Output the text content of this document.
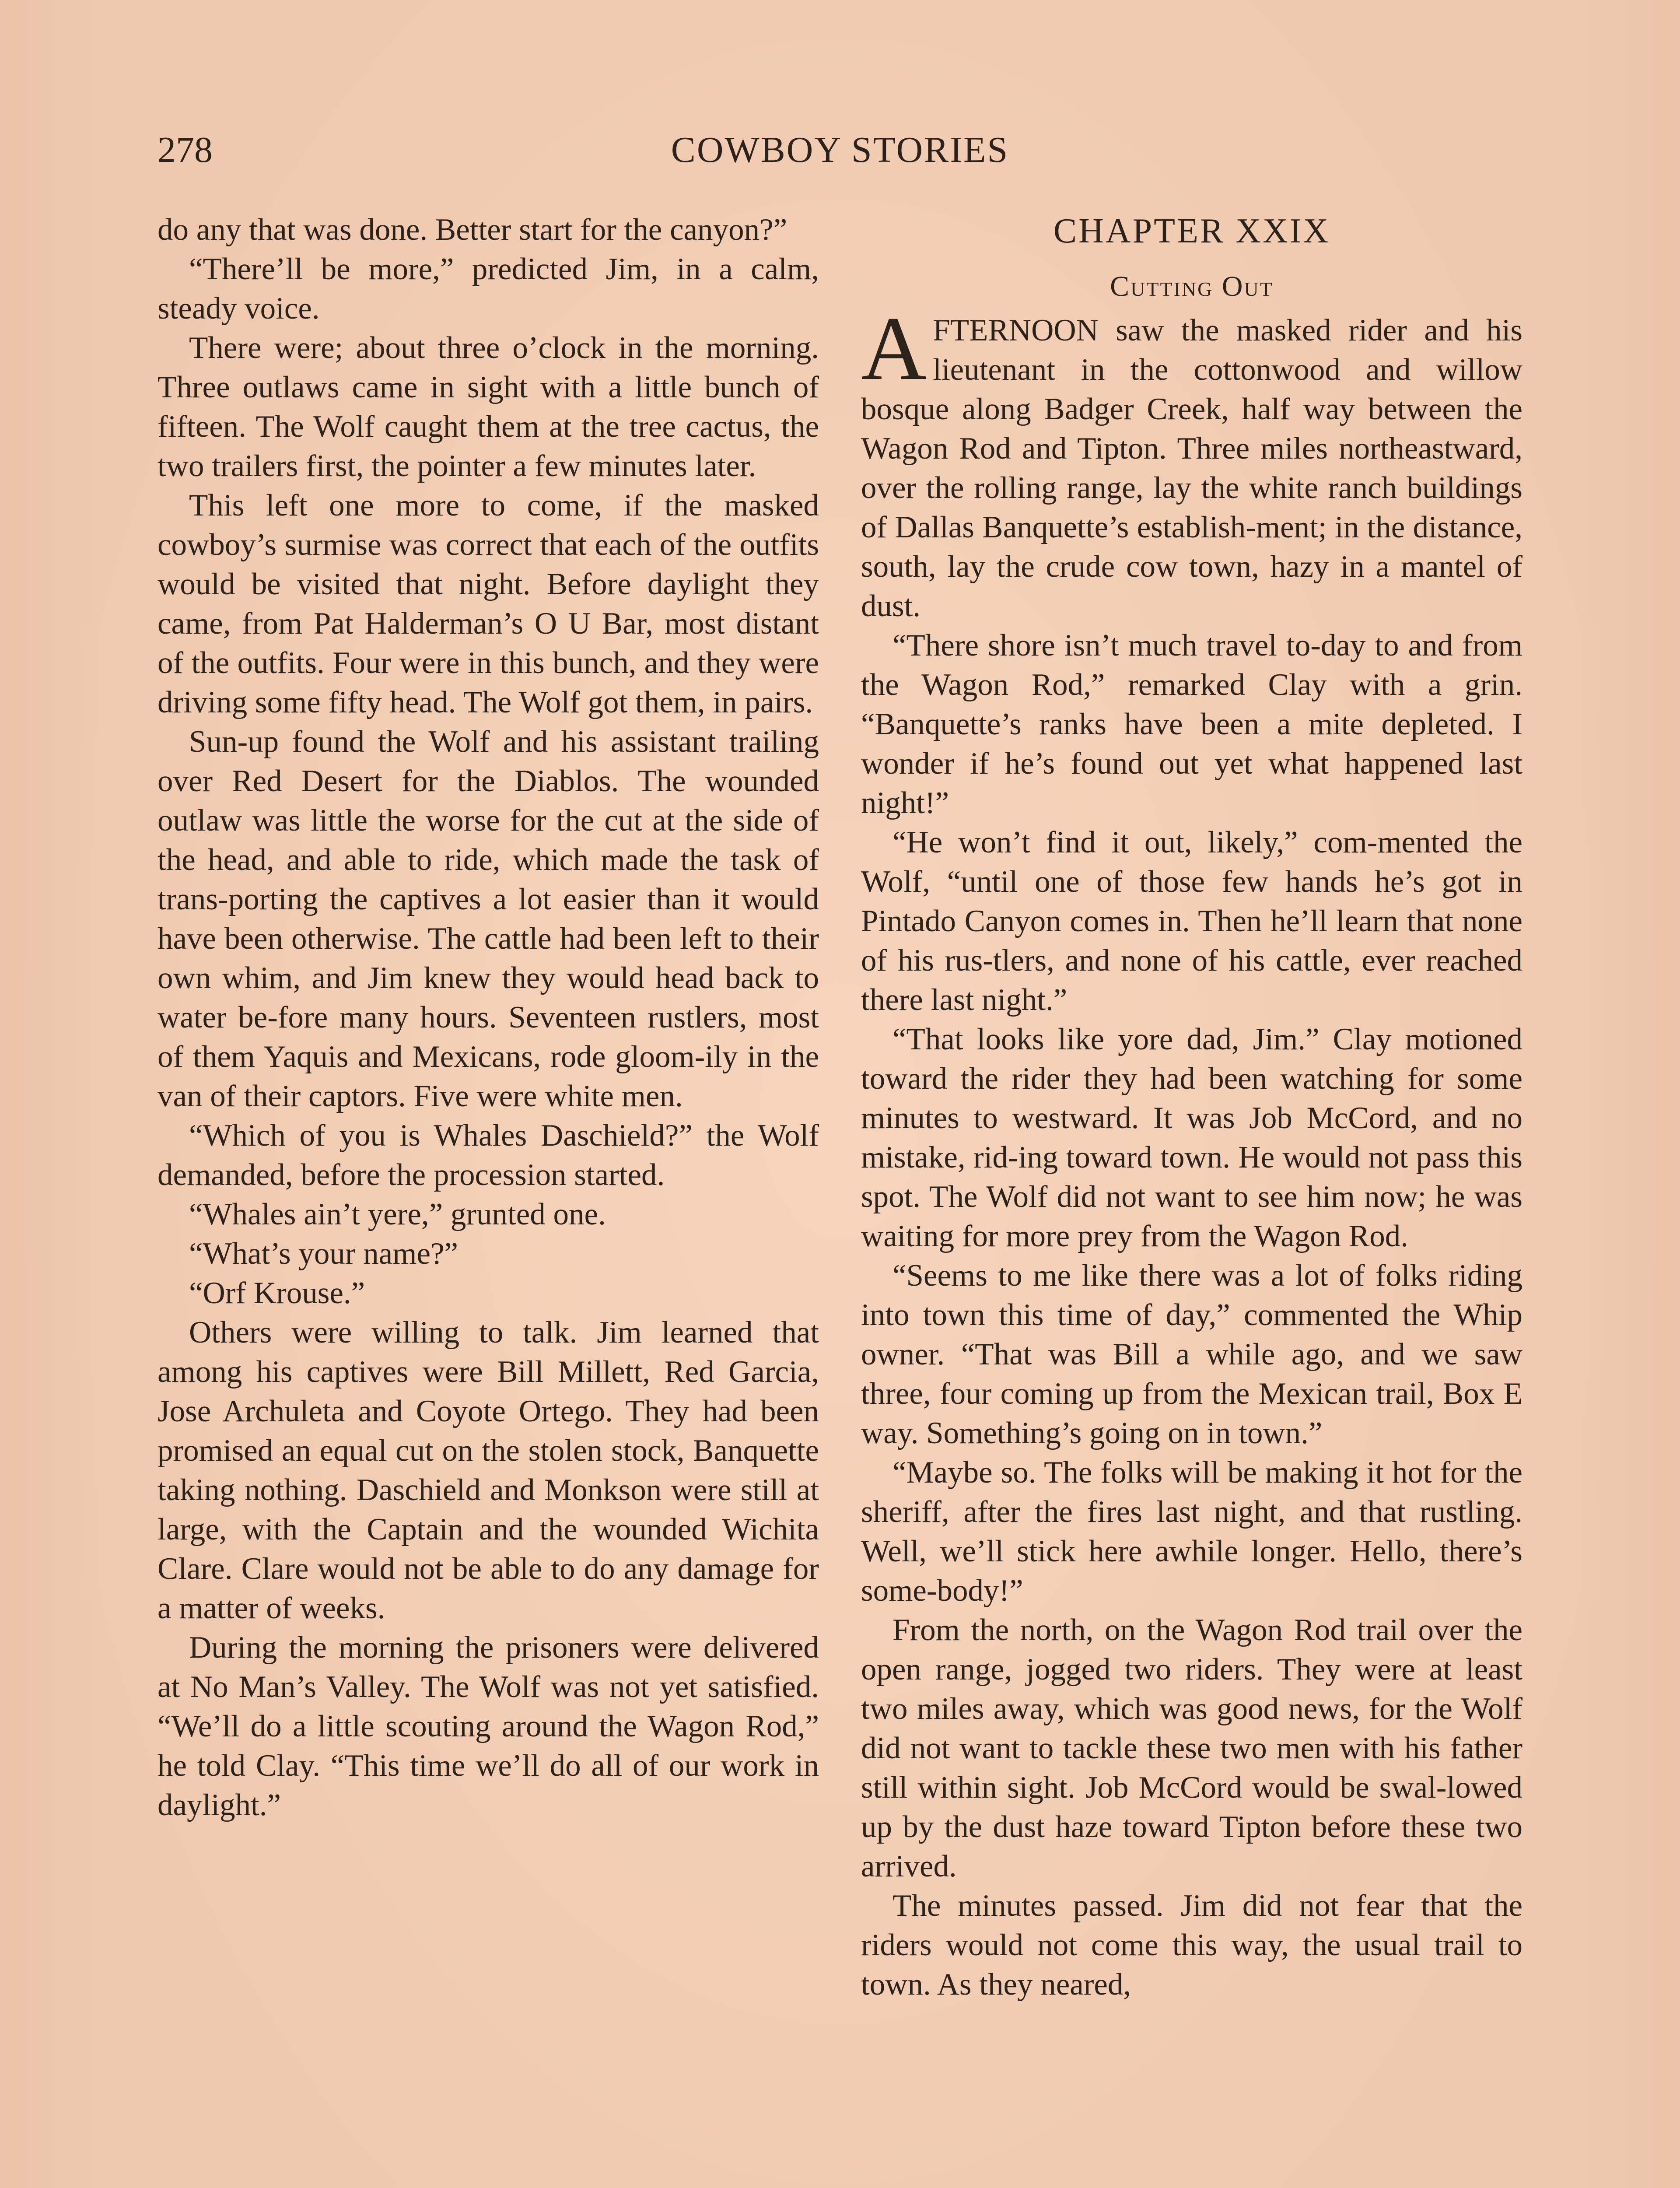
278	COWBOY STORIES

do any that was done. Better start for the canyon?”

“There’ll be more,” predicted Jim, in a calm, steady voice.

There were; about three o’clock in the morning. Three outlaws came in sight with a little bunch of fifteen. The Wolf caught them at the tree cactus, the two trailers first, the pointer a few minutes later.

This left one more to come, if the masked cowboy’s surmise was correct that each of the outfits would be visited that night. Before daylight they came, from Pat Halderman’s O U Bar, most distant of the outfits. Four were in this bunch, and they were driving some fifty head. The Wolf got them, in pairs.

Sun-up found the Wolf and his assistant trailing over Red Desert for the Diablos. The wounded outlaw was little the worse for the cut at the side of the head, and able to ride, which made the task of trans-porting the captives a lot easier than it would have been otherwise. The cattle had been left to their own whim, and Jim knew they would head back to water be-fore many hours. Seventeen rustlers, most of them Yaquis and Mexicans, rode gloom-ily in the van of their captors. Five were white men.

“Which of you is Whales Daschield?” the Wolf demanded, before the procession started.

“Whales ain’t yere,” grunted one.

“What’s your name?”

“Orf Krouse.”

Others were willing to talk. Jim learned that among his captives were Bill Millett, Red Garcia, Jose Archuleta and Coyote Ortego. They had been promised an equal cut on the stolen stock, Banquette taking nothing. Daschield and Monkson were still at large, with the Captain and the wounded Wichita Clare. Clare would not be able to do any damage for a matter of weeks.

During the morning the prisoners were delivered at No Man’s Valley. The Wolf was not yet satisfied. “We’ll do a little scouting around the Wagon Rod,” he told Clay. “This time we’ll do all of our work in daylight.”

CHAPTER XXIX
Cutting Out

AFTERNOON saw the masked rider and his lieutenant in the cottonwood and willow bosque along Badger Creek, half way between the Wagon Rod and Tipton. Three miles northeastward, over the rolling range, lay the white ranch buildings of Dallas Banquette’s establish-ment; in the distance, south, lay the crude cow town, hazy in a mantel of dust.

“There shore isn’t much travel to-day to and from the Wagon Rod,” remarked Clay with a grin. “Banquette’s ranks have been a mite depleted. I wonder if he’s found out yet what happened last night!”

“He won’t find it out, likely,” com-mented the Wolf, “until one of those few hands he’s got in Pintado Canyon comes in. Then he’ll learn that none of his rus-tlers, and none of his cattle, ever reached there last night.”

“That looks like yore dad, Jim.” Clay motioned toward the rider they had been watching for some minutes to westward. It was Job McCord, and no mistake, rid-ing toward town. He would not pass this spot. The Wolf did not want to see him now; he was waiting for more prey from the Wagon Rod.

“Seems to me like there was a lot of folks riding into town this time of day,” commented the Whip owner. “That was Bill a while ago, and we saw three, four coming up from the Mexican trail, Box E way. Something’s going on in town.”

“Maybe so. The folks will be making it hot for the sheriff, after the fires last night, and that rustling. Well, we’ll stick here awhile longer. Hello, there’s some-body!”

From the north, on the Wagon Rod trail over the open range, jogged two riders. They were at least two miles away, which was good news, for the Wolf did not want to tackle these two men with his father still within sight. Job McCord would be swal-lowed up by the dust haze toward Tipton before these two arrived.

The minutes passed. Jim did not fear that the riders would not come this way, the usual trail to town. As they neared,
